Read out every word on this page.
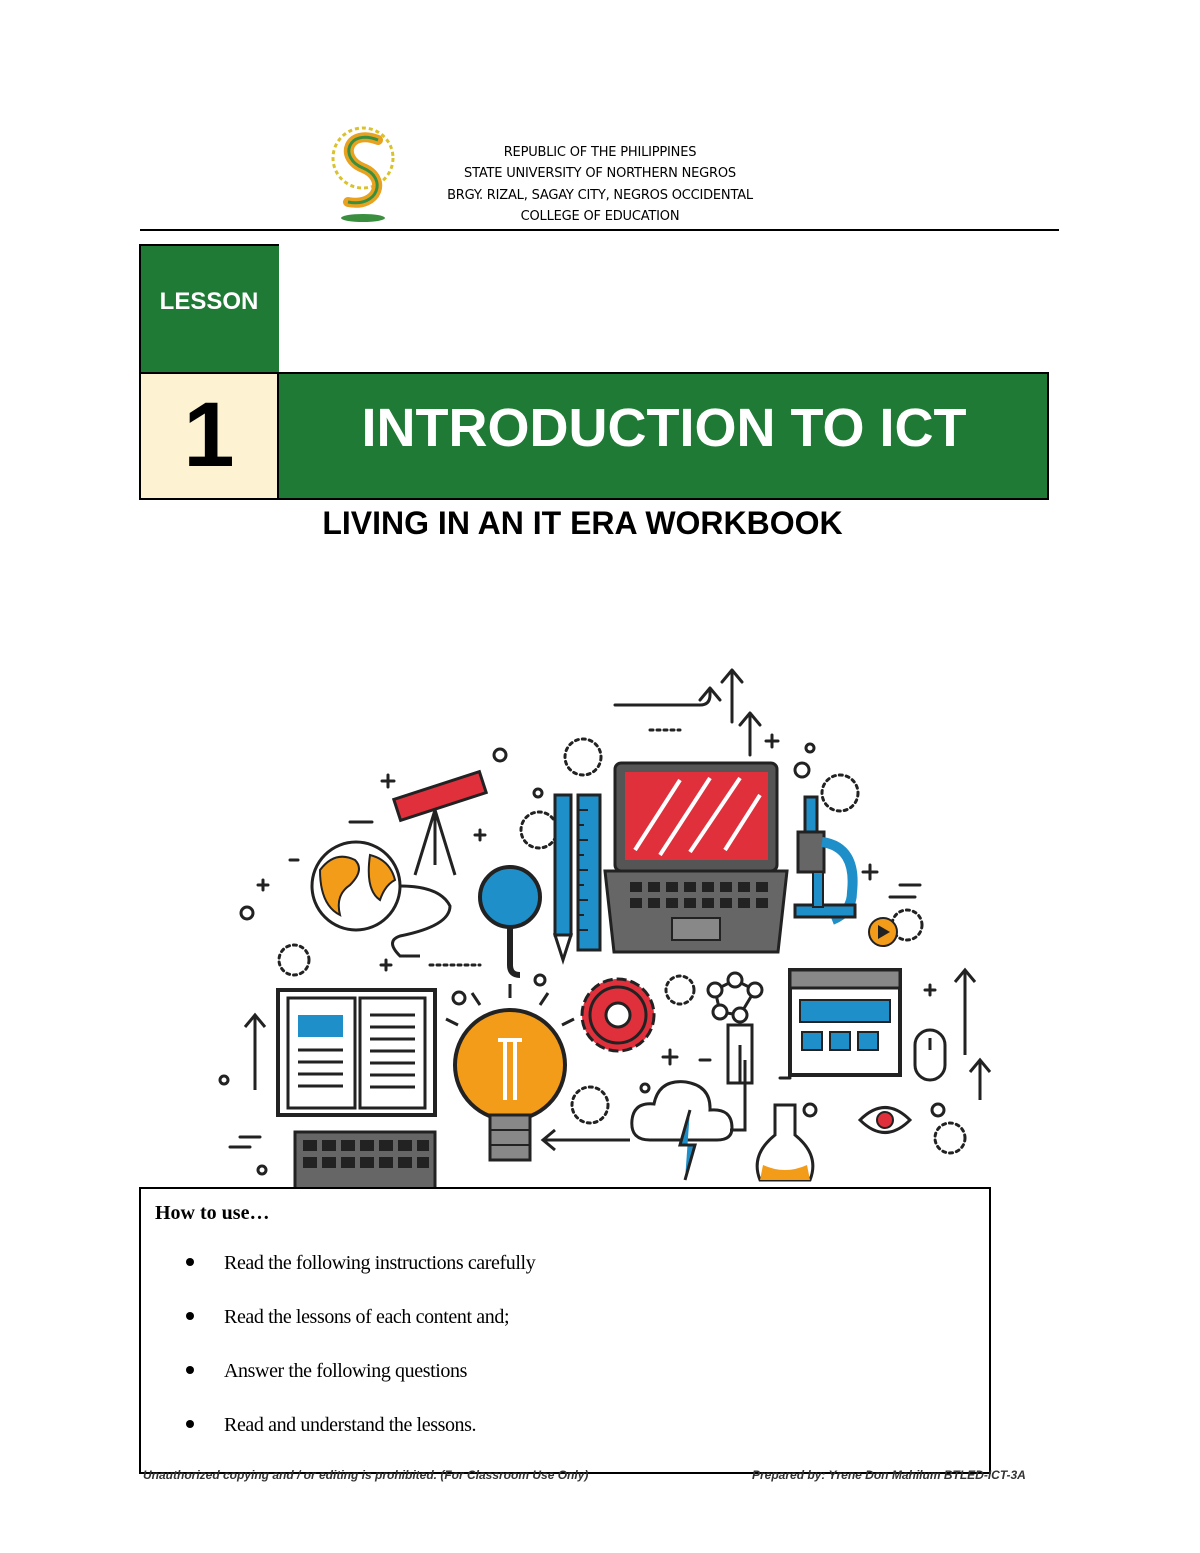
REPUBLIC OF THE PHILIPPINES
STATE UNIVERSITY OF NORTHERN NEGROS
BRGY. RIZAL, SAGAY CITY, NEGROS OCCIDENTAL
COLLEGE OF EDUCATION
LESSON
1	INTRODUCTION TO ICT
LIVING IN AN IT ERA WORKBOOK
How to use…
Read the following instructions carefully
Read the lessons of each content and;
Answer the following questions
Read and understand the lessons.
Unauthorized copying and / or editing is prohibited. (For Classroom Use Only)	Prepared by: Yrene Don Mahilum BTLED-ICT-3A
